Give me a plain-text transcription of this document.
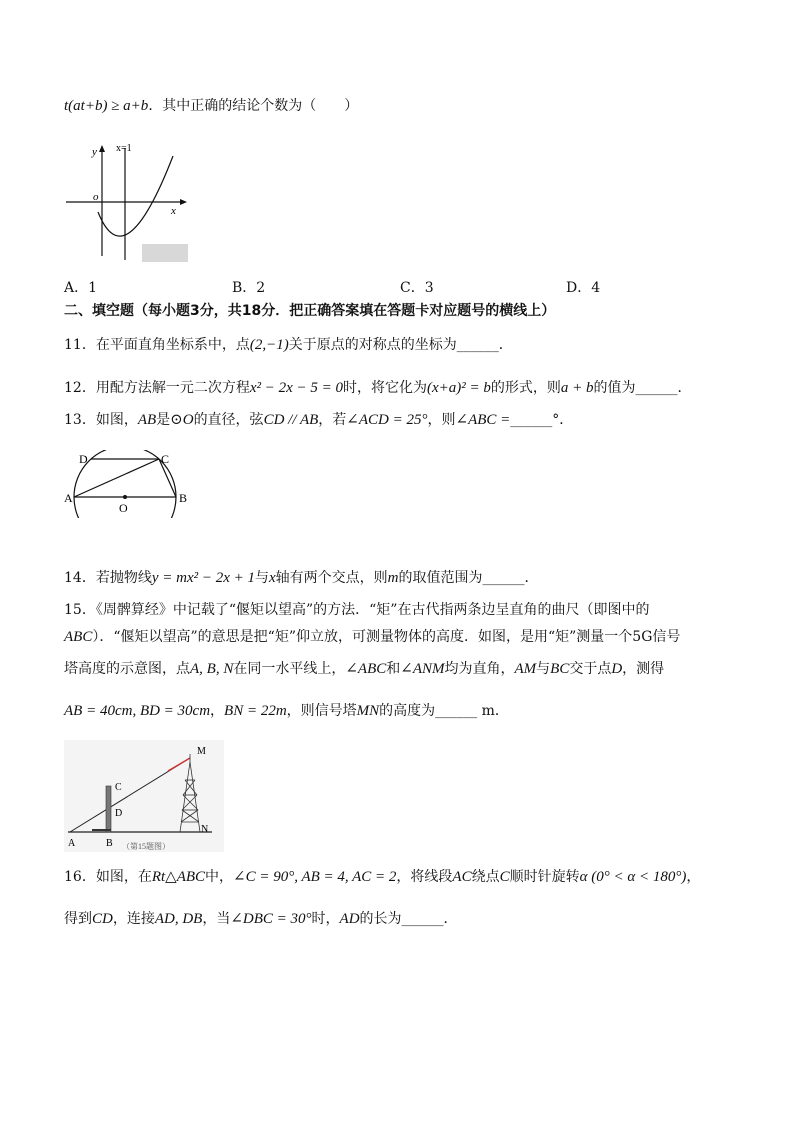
t(at+b) ≥ a+b．其中正确的结论个数为（　　）
y x=1
o
x
A．1	B．2	C．3	D．4
二、填空题（每小题3分，共18分．把正确答案填在答题卡对应题号的横线上）
11．在平面直角坐标系中，点(2,−1)关于原点的对称点的坐标为______．
12．用配方法解一元二次方程x² − 2x − 5 = 0时，将它化为(x+a)² = b的形式，则a + b的值为______．
13．如图，AB是⊙O的直径，弦CD // AB，若∠ACD = 25°，则∠ABC =______°．
D	C
A	B
O
14．若抛物线y = mx² − 2x + 1与x轴有两个交点，则m的取值范围为______．
15．《周髀算经》中记载了“偃矩以望高”的方法．“矩”在古代指两条边呈直角的曲尺（即图中的
ABC）．“偃矩以望高”的意思是把“矩”仰立放，可测量物体的高度．如图，是用“矩”测量一个5G信号
塔高度的示意图，点A, B, N在同一水平线上，∠ABC和∠ANM均为直角，AM与BC交于点D，测得
AB = 40cm, BD = 30cm，BN = 22m，则信号塔MN的高度为______ m．
M
N
C
D
A	B （第15题图）
16．如图，在Rt△ABC中，∠C = 90°, AB = 4, AC = 2，将线段AC绕点C顺时针旋转α (0° < α < 180°)，
得到CD，连接AD, DB，当∠DBC = 30°时，AD的长为______．
